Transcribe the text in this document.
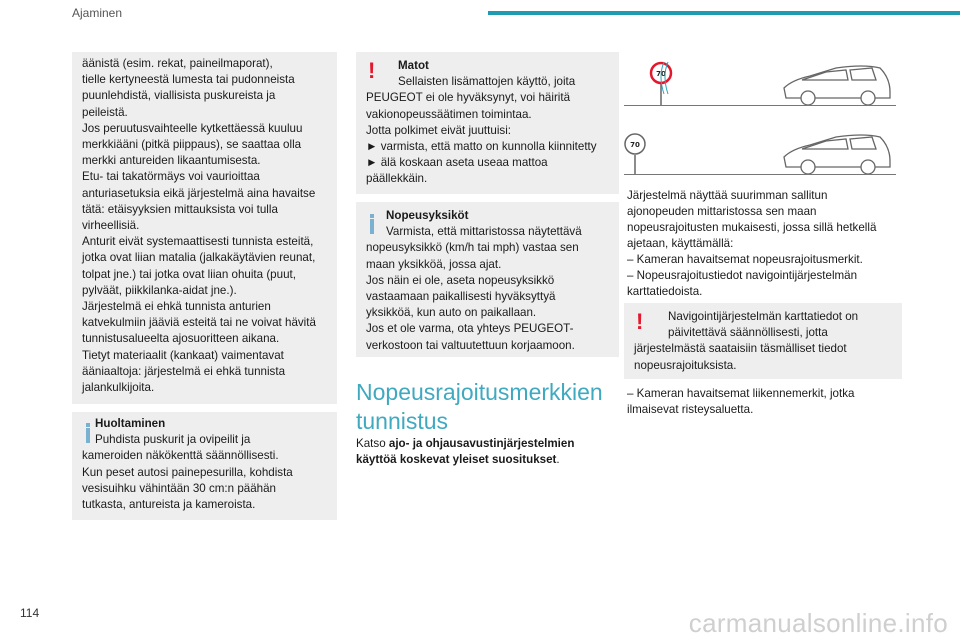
Ajaminen

äänistä (esim. rekat, paineilmaporat),

tielle kertyneestä lumesta tai pudonneista

puunlehdistä, viallisista puskureista ja

peileistä.

Jos peruutusvaihteelle kytkettäessä kuuluu

merkkiääni (pitkä piippaus), se saattaa olla

merkki antureiden likaantumisesta.

Etu- tai takatörmäys voi vaurioittaa

anturiasetuksia eikä järjestelmä aina havaitse

tätä: etäisyyksien mittauksista voi tulla

virheellisiä.

Anturit eivät systemaattisesti tunnista esteitä,

jotka ovat liian matalia (jalkakäytävien reunat,

tolpat jne.) tai jotka ovat liian ohuita (puut,

pylväät, piikkilanka-aidat jne.).

Järjestelmä ei ehkä tunnista anturien

katvekulmiin jääviä esteitä tai ne voivat hävitä

tunnistusalueelta ajosuoritteen aikana.

Tietyt materiaalit (kankaat) vaimentavat

ääniaaltoja: järjestelmä ei ehkä tunnista

jalankulkijoita.

Huoltaminen

Puhdista puskurit ja ovipeilit ja

kameroiden näkökenttä säännöllisesti.

Kun peset autosi painepesurilla, kohdista

vesisuihku vähintään 30 cm:n päähän

tutkasta, antureista ja kameroista.

!	Matot

Sellaisten lisämattojen käyttö, joita

PEUGEOT ei ole hyväksynyt, voi häiritä

vakionopeussäätimen toimintaa.

Jotta polkimet eivät juuttuisi:

► varmista, että matto on kunnolla kiinnitetty

► älä koskaan aseta useaa mattoa

päällekkäin.

Nopeusyksiköt

Varmista, että mittaristossa näytettävä

nopeusyksikkö (km/h tai mph) vastaa sen

maan yksikköä, jossa ajat.

Jos näin ei ole, aseta nopeusyksikkö

vastaamaan paikallisesti hyväksyttyä

yksikköä, kun auto on paikallaan.

Jos et ole varma, ota yhteys PEUGEOT-

verkostoon tai valtuutettuun korjaamoon.

Nopeusrajoitusmerkkien
tunnistus
Katso ajo- ja ohjausavustinjärjestelmien käyttöä koskevat yleiset suositukset.
70
70

Järjestelmä näyttää suurimman sallitun

ajonopeuden mittaristossa sen maan

nopeusrajoitusten mukaisesti, jossa sillä hetkellä

ajetaan, käyttämällä:

– Kameran havaitsemat nopeusrajoitusmerkit.

– Nopeusrajoitustiedot navigointijärjestelmän

karttatiedoista.

!	Navigointijärjestelmän karttatiedot on

päivitettävä säännöllisesti, jotta

järjestelmästä saataisiin täsmälliset tiedot

nopeusrajoituksista.

– Kameran havaitsemat liikennemerkit, jotka

ilmaisevat risteysaluetta.

114	carmanualsonline.info
